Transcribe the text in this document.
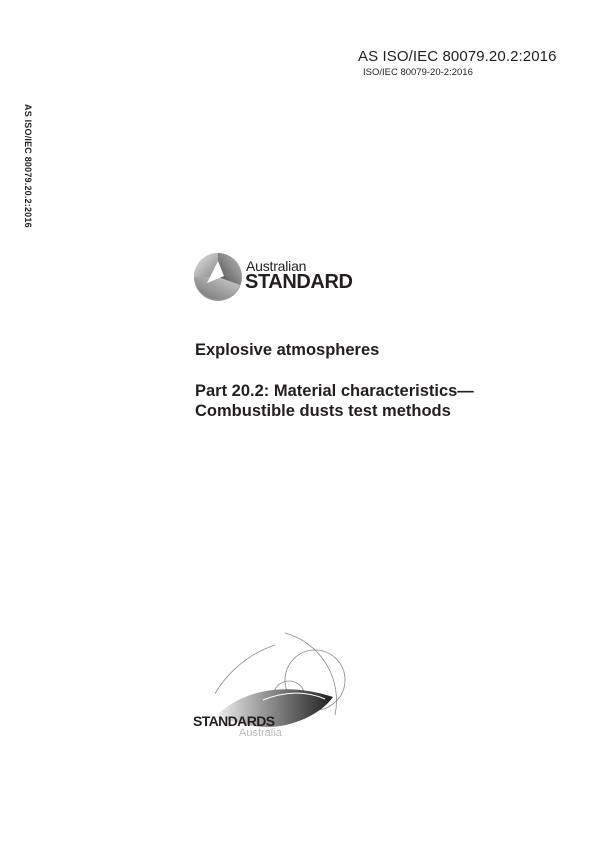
AS ISO/IEC 80079.20.2:2016
ISO/IEC 80079-20-2:2016
AS ISO/IEC 80079.20.2:2016
Australian
STANDARD
Explosive atmospheres
Part 20.2: Material characteristics—
Combustible dusts test methods
STANDARDS
Australia
